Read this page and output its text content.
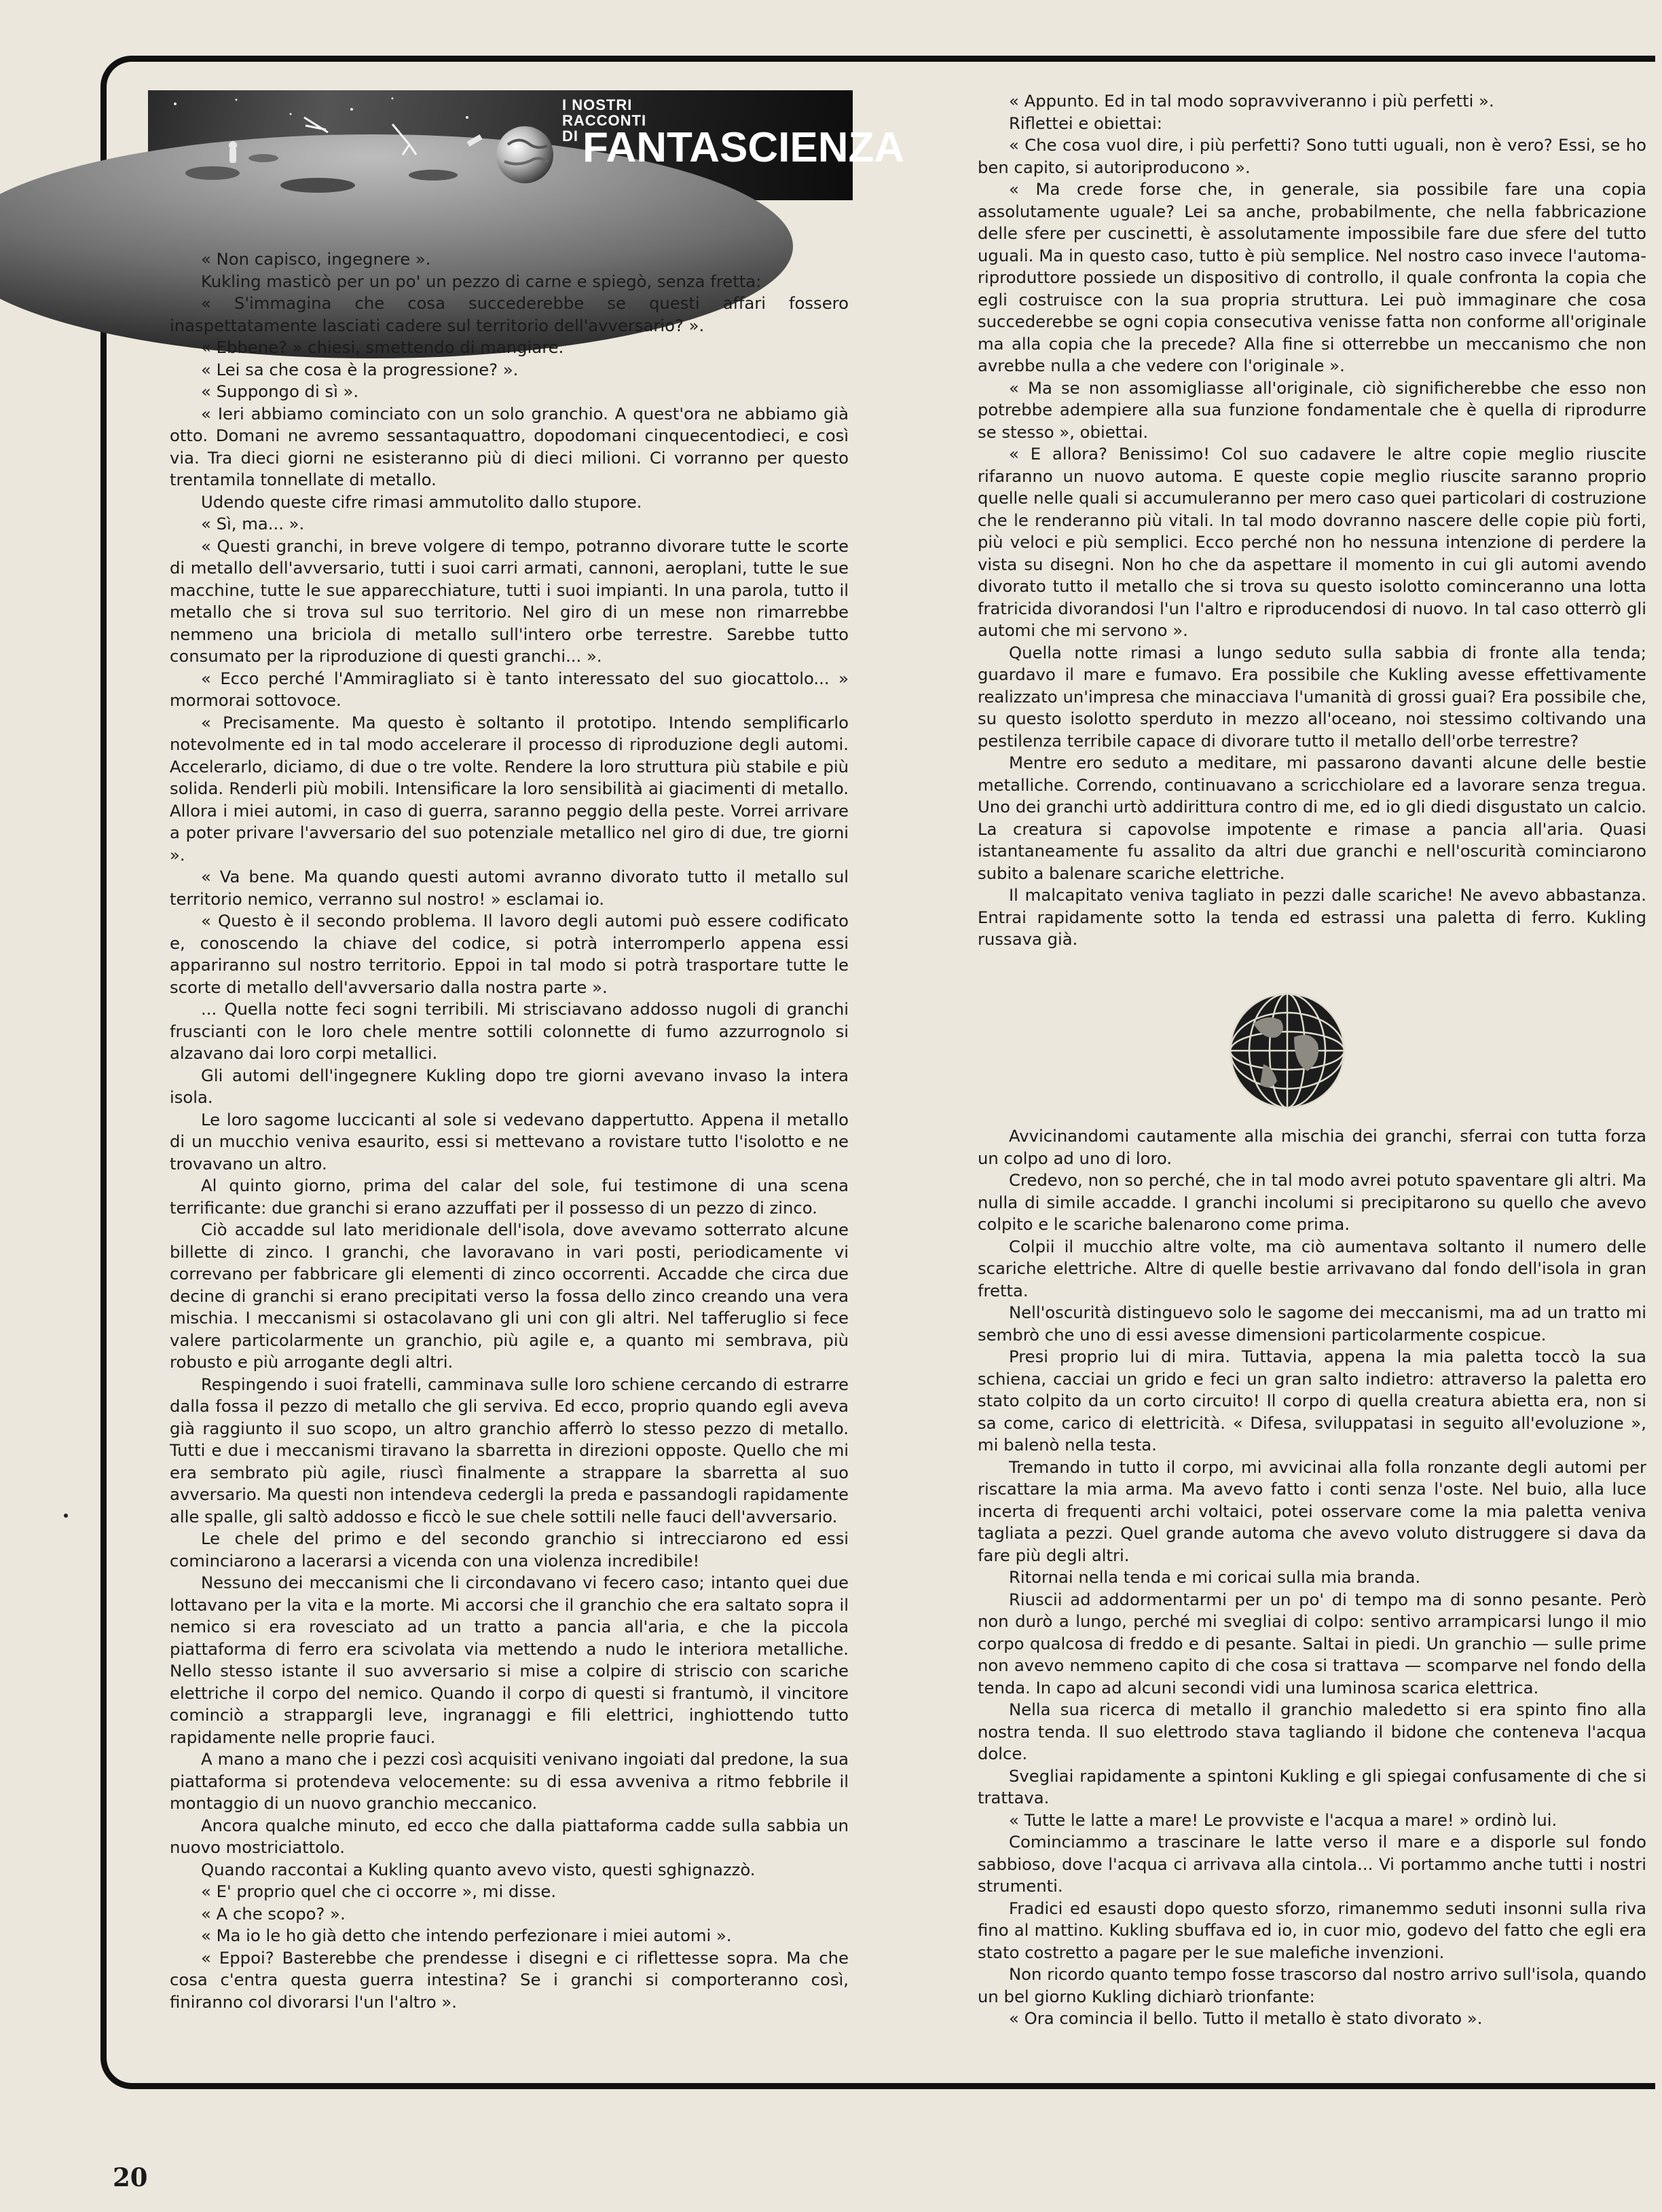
I NOSTRI
RACCONTI
DI FANTASCIENZA

« Non capisco, ingegnere ».

Kukling masticò per un po' un pezzo di carne e spiegò, senza fretta:

« S'immagina che cosa succederebbe se questi affari fossero inaspettatamente lasciati cadere sul territorio dell'avversario? ».

« Ebbene? » chiesi, smettendo di mangiare.

« Lei sa che cosa è la progressione? ».

« Suppongo di sì ».

« Ieri abbiamo cominciato con un solo granchio. A quest'ora ne abbiamo già otto. Domani ne avremo sessantaquattro, dopodomani cinquecentodieci, e così via. Tra dieci giorni ne esisteranno più di dieci milioni. Ci vorranno per questo trentamila tonnellate di metallo.

Udendo queste cifre rimasi ammutolito dallo stupore.

« Sì, ma... ».

« Questi granchi, in breve volgere di tempo, potranno divorare tutte le scorte di metallo dell'avversario, tutti i suoi carri armati, cannoni, aeroplani, tutte le sue macchine, tutte le sue apparecchiature, tutti i suoi impianti. In una parola, tutto il metallo che si trova sul suo territorio. Nel giro di un mese non rimarrebbe nemmeno una briciola di metallo sull'intero orbe terrestre. Sarebbe tutto consumato per la riproduzione di questi granchi... ».

« Ecco perché l'Ammiragliato si è tanto interessato del suo giocattolo... » mormorai sottovoce.

« Precisamente. Ma questo è soltanto il prototipo. Intendo semplificarlo notevolmente ed in tal modo accelerare il processo di riproduzione degli automi. Accelerarlo, diciamo, di due o tre volte. Rendere la loro struttura più stabile e più solida. Renderli più mobili. Intensificare la loro sensibilità ai giacimenti di metallo. Allora i miei automi, in caso di guerra, saranno peggio della peste. Vorrei arrivare a poter privare l'avversario del suo potenziale metallico nel giro di due, tre giorni ».

« Va bene. Ma quando questi automi avranno divorato tutto il metallo sul territorio nemico, verranno sul nostro! » esclamai io.

« Questo è il secondo problema. Il lavoro degli automi può essere codificato e, conoscendo la chiave del codice, si potrà interromperlo appena essi appariranno sul nostro territorio. Eppoi in tal modo si potrà trasportare tutte le scorte di metallo dell'avversario dalla nostra parte ».

... Quella notte feci sogni terribili. Mi strisciavano addosso nugoli di granchi fruscianti con le loro chele mentre sottili colonnette di fumo azzurrognolo si alzavano dai loro corpi metallici.

Gli automi dell'ingegnere Kukling dopo tre giorni avevano invaso la intera isola.

Le loro sagome luccicanti al sole si vedevano dappertutto. Appena il metallo di un mucchio veniva esaurito, essi si mettevano a rovistare tutto l'isolotto e ne trovavano un altro.

Al quinto giorno, prima del calar del sole, fui testimone di una scena terrificante: due granchi si erano azzuffati per il possesso di un pezzo di zinco.

Ciò accadde sul lato meridionale dell'isola, dove avevamo sotterrato alcune billette di zinco. I granchi, che lavoravano in vari posti, periodicamente vi correvano per fabbricare gli elementi di zinco occorrenti. Accadde che circa due decine di granchi si erano precipitati verso la fossa dello zinco creando una vera mischia. I meccanismi si ostacolavano gli uni con gli altri. Nel tafferuglio si fece valere particolarmente un granchio, più agile e, a quanto mi sembrava, più robusto e più arrogante degli altri.

Respingendo i suoi fratelli, camminava sulle loro schiene cercando di estrarre dalla fossa il pezzo di metallo che gli serviva. Ed ecco, proprio quando egli aveva già raggiunto il suo scopo, un altro granchio afferrò lo stesso pezzo di metallo. Tutti e due i meccanismi tiravano la sbarretta in direzioni opposte. Quello che mi era sembrato più agile, riuscì finalmente a strappare la sbarretta al suo avversario. Ma questi non intendeva cedergli la preda e passandogli rapidamente alle spalle, gli saltò addosso e ficcò le sue chele sottili nelle fauci dell'avversario.

Le chele del primo e del secondo granchio si intrecciarono ed essi cominciarono a lacerarsi a vicenda con una violenza incredibile!

Nessuno dei meccanismi che li circondavano vi fecero caso; intanto quei due lottavano per la vita e la morte. Mi accorsi che il granchio che era saltato sopra il nemico si era rovesciato ad un tratto a pancia all'aria, e che la piccola piattaforma di ferro era scivolata via mettendo a nudo le interiora metalliche. Nello stesso istante il suo avversario si mise a colpire di striscio con scariche elettriche il corpo del nemico. Quando il corpo di questi si frantumò, il vincitore cominciò a strappargli leve, ingranaggi e fili elettrici, inghiottendo tutto rapidamente nelle proprie fauci.

A mano a mano che i pezzi così acquisiti venivano ingoiati dal predone, la sua piattaforma si protendeva velocemente: su di essa avveniva a ritmo febbrile il montaggio di un nuovo granchio meccanico.

Ancora qualche minuto, ed ecco che dalla piattaforma cadde sulla sabbia un nuovo mostriciattolo.

Quando raccontai a Kukling quanto avevo visto, questi sghignazzò.

« E' proprio quel che ci occorre », mi disse.

« A che scopo? ».

« Ma io le ho già detto che intendo perfezionare i miei automi ».

« Eppoi? Basterebbe che prendesse i disegni e ci riflettesse sopra. Ma che cosa c'entra questa guerra intestina? Se i granchi si comporteranno così, finiranno col divorarsi l'un l'altro ».

« Appunto. Ed in tal modo sopravviveranno i più perfetti ».

Riflettei e obiettai:

« Che cosa vuol dire, i più perfetti? Sono tutti uguali, non è vero? Essi, se ho ben capito, si autoriproducono ».

« Ma crede forse che, in generale, sia possibile fare una copia assolutamente uguale? Lei sa anche, probabilmente, che nella fabbricazione delle sfere per cuscinetti, è assolutamente impossibile fare due sfere del tutto uguali. Ma in questo caso, tutto è più semplice. Nel nostro caso invece l'automa-riproduttore possiede un dispositivo di controllo, il quale confronta la copia che egli costruisce con la sua propria struttura. Lei può immaginare che cosa succederebbe se ogni copia consecutiva venisse fatta non conforme all'originale ma alla copia che la precede? Alla fine si otterrebbe un meccanismo che non avrebbe nulla a che vedere con l'originale ».

« Ma se non assomigliasse all'originale, ciò significherebbe che esso non potrebbe adempiere alla sua funzione fondamentale che è quella di riprodurre se stesso », obiettai.

« E allora? Benissimo! Col suo cadavere le altre copie meglio riuscite rifaranno un nuovo automa. E queste copie meglio riuscite saranno proprio quelle nelle quali si accumuleranno per mero caso quei particolari di costruzione che le renderanno più vitali. In tal modo dovranno nascere delle copie più forti, più veloci e più semplici. Ecco perché non ho nessuna intenzione di perdere la vista su disegni. Non ho che da aspettare il momento in cui gli automi avendo divorato tutto il metallo che si trova su questo isolotto cominceranno una lotta fratricida divorandosi l'un l'altro e riproducendosi di nuovo. In tal caso otterrò gli automi che mi servono ».

Quella notte rimasi a lungo seduto sulla sabbia di fronte alla tenda; guardavo il mare e fumavo. Era possibile che Kukling avesse effettivamente realizzato un'impresa che minacciava l'umanità di grossi guai? Era possibile che, su questo isolotto sperduto in mezzo all'oceano, noi stessimo coltivando una pestilenza terribile capace di divorare tutto il metallo dell'orbe terrestre?

Mentre ero seduto a meditare, mi passarono davanti alcune delle bestie metalliche. Correndo, continuavano a scricchiolare ed a lavorare senza tregua. Uno dei granchi urtò addirittura contro di me, ed io gli diedi disgustato un calcio. La creatura si capovolse impotente e rimase a pancia all'aria. Quasi istantaneamente fu assalito da altri due granchi e nell'oscurità cominciarono subito a balenare scariche elettriche.

Il malcapitato veniva tagliato in pezzi dalle scariche! Ne avevo abbastanza. Entrai rapidamente sotto la tenda ed estrassi una paletta di ferro. Kukling russava già.

Avvicinandomi cautamente alla mischia dei granchi, sferrai con tutta forza un colpo ad uno di loro.

Credevo, non so perché, che in tal modo avrei potuto spaventare gli altri. Ma nulla di simile accadde. I granchi incolumi si precipitarono su quello che avevo colpito e le scariche balenarono come prima.

Colpii il mucchio altre volte, ma ciò aumentava soltanto il numero delle scariche elettriche. Altre di quelle bestie arrivavano dal fondo dell'isola in gran fretta.

Nell'oscurità distinguevo solo le sagome dei meccanismi, ma ad un tratto mi sembrò che uno di essi avesse dimensioni particolarmente cospicue.

Presi proprio lui di mira. Tuttavia, appena la mia paletta toccò la sua schiena, cacciai un grido e feci un gran salto indietro: attraverso la paletta ero stato colpito da un corto circuito! Il corpo di quella creatura abietta era, non si sa come, carico di elettricità. « Difesa, sviluppatasi in seguito all'evoluzione », mi balenò nella testa.

Tremando in tutto il corpo, mi avvicinai alla folla ronzante degli automi per riscattare la mia arma. Ma avevo fatto i conti senza l'oste. Nel buio, alla luce incerta di frequenti archi voltaici, potei osservare come la mia paletta veniva tagliata a pezzi. Quel grande automa che avevo voluto distruggere si dava da fare più degli altri.

Ritornai nella tenda e mi coricai sulla mia branda.

Riuscii ad addormentarmi per un po' di tempo ma di sonno pesante. Però non durò a lungo, perché mi svegliai di colpo: sentivo arrampicarsi lungo il mio corpo qualcosa di freddo e di pesante. Saltai in piedi. Un granchio — sulle prime non avevo nemmeno capito di che cosa si trattava — scomparve nel fondo della tenda. In capo ad alcuni secondi vidi una luminosa scarica elettrica.

Nella sua ricerca di metallo il granchio maledetto si era spinto fino alla nostra tenda. Il suo elettrodo stava tagliando il bidone che conteneva l'acqua dolce.

Svegliai rapidamente a spintoni Kukling e gli spiegai confusamente di che si trattava.

« Tutte le latte a mare! Le provviste e l'acqua a mare! » ordinò lui.

Cominciammo a trascinare le latte verso il mare e a disporle sul fondo sabbioso, dove l'acqua ci arrivava alla cintola... Vi portammo anche tutti i nostri strumenti.

Fradici ed esausti dopo questo sforzo, rimanemmo seduti insonni sulla riva fino al mattino. Kukling sbuffava ed io, in cuor mio, godevo del fatto che egli era stato costretto a pagare per le sue malefiche invenzioni.

Non ricordo quanto tempo fosse trascorso dal nostro arrivo sull'isola, quando un bel giorno Kukling dichiarò trionfante:

« Ora comincia il bello. Tutto il metallo è stato divorato ».

20
